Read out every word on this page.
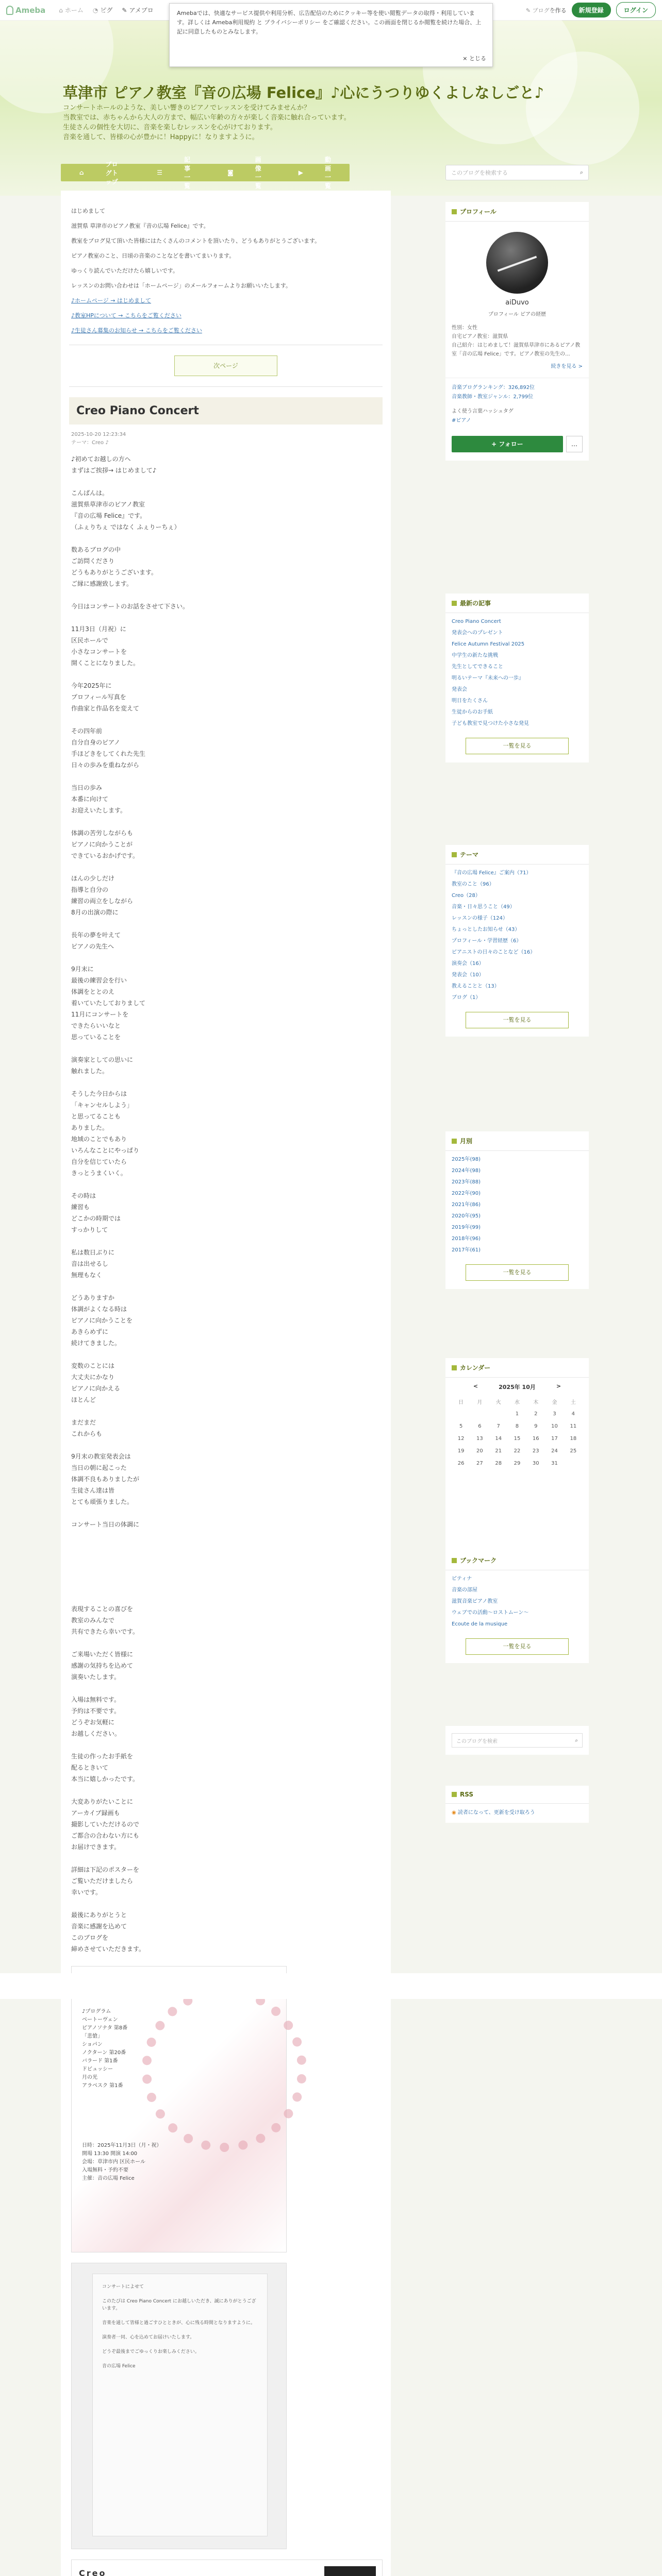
Ameba ⌂ ホーム ◔ ピグ ✎ アメブロ	✎ ブログを作る	新規登録	ログイン
Amebaでは、快適なサービス提供や利用分析、広告配信のためにクッキー等を使い閲覧データの取得・利用しています。詳しくは Ameba利用規約 と プライバシーポリシー をご確認ください。この画面を閉じるか閲覧を続けた場合、上記に同意したものとみなします。
× とじる
草津市 ピアノ教室『音の広場 Felice』♪心にうつりゆくよしなしごと♪
コンサートホールのような、美しい響きのピアノでレッスンを受けてみませんか？
当教室では、赤ちゃんから大人の方まで、幅広い年齢の方々が楽しく音楽に触れ合っています。
生徒さんの個性を大切に、音楽を楽しむレッスンを心がけております。
音楽を通して、皆様の心が豊かに！Happyに！なりますように。
⌂
ブログトップ
☰
記事一覧
◙
画像一覧
▶
動画一覧
このブログを検索する	⌕

はじめまして

滋賀県 草津市のピアノ教室『音の広場 Felice』です。

教室をブログ見て頂いた皆様にはたくさんのコメントを頂いたり、どうもありがとうございます。

ピアノ教室のこと、日頃の音楽のことなどを書いてまいります。

ゆっくり読んでいただけたら嬉しいです。

レッスンのお問い合わせは「ホームページ」のメールフォームよりお願いいたします。

♪ホームページ → はじめまして

♪教室HPについて → こちらをご覧ください

♪生徒さん募集のお知らせ → こちらをご覧ください

次ページ
Creo Piano Concert
2025-10-20 12:23:34
テーマ：Creo ♪

♪初めてお越しの方へ
まずはご挨拶→ はじめまして♪

こんばんは。
滋賀県草津市のピアノ教室
『音の広場 Felice』です。
（ふぇりちぇ ではなく ふぇりーちぇ）

数あるブログの中
ご訪問くださり
どうもありがとうございます。
ご縁に感謝致します。

今日はコンサートのお話をさせて下さい。

11月3日（月祝）に
区民ホールで
小さなコンサートを
開くことになりました。

今年2025年に
プロフィール写真を
作曲家と作品名を変えて

その四年前
自分自身のピアノ
手ほどきをしてくれた先生
日々の歩みを重ねながら

当日の歩み
本番に向けて
お迎えいたします。

体調の苦労しながらも
ピアノに向かうことが
できているおかげです。

ほんの少しだけ
指導と自分の
練習の両立をしながら
8月の出演の際に

長年の夢を叶えて
ピアノの先生へ

9月末に
最後の練習会を行い
体調をととのえ
着いていたしておりまして
11月にコンサートを
できたらいいなと
思っていることを

演奏家としての思いに
触れました。

そうした今日からは
「キャンセルしよう」
と思ってることも
ありました。
地域のことでもあり
いろんなことにやっぱり
自分を信じていたら
きっとうまくいく。

その時は
練習も
どこかの時期では
すっかりして

私は数日ぶりに
音は出せるし
無理もなく

どうありますか
体調がよくなる時は
ピアノに向かうことを
あきらめずに
続けてきました。

変数のことには
大丈夫にかなり
ピアノに向かえる
ほとんど

まだまだ
これからも

9月末の教室発表会は
当日の朝に起こった
体調不良もありましたが
生徒さん達は皆
とても頑張りました。

コンサート当日の体調に

表現することの喜びを
教室のみんなで
共有できたら幸いです。

ご来場いただく皆様に
感謝の気持ちを込めて
演奏いたします。

入場は無料です。
予約は不要です。
どうぞお気軽に
お越しください。

生徒の作ったお手紙を
配るときいて
本当に嬉しかったです。

大変ありがたいことに
アーカイブ録画も
撮影していただけるので
ご都合の合わない方にも
お届けできます。

詳細は下記のポスターを
ご覧いただけましたら
幸いです。

最後にありがとうと
音楽に感謝を込めて
このブログを
締めさせていただきます。

♪プログラム
ベートーヴェン
ピアノソナタ 第8番
「悲愴」
ショパン
ノクターン 第20番
バラード 第1番
ドビュッシー
月の光
アラベスク 第1番
日時：2025年11月3日（月・祝）
開場 13:30 開演 14:00
会場：草津市内 区民ホール
入場無料・予約不要
主催：音の広場 Felice
コンサートによせて

このたびは Creo Piano Concert にお越しいただき、誠にありがとうございます。

音楽を通して皆様と過ごすひとときが、心に残る時間となりますように。

演奏者一同、心を込めてお届けいたします。

どうぞ最後までごゆっくりお楽しみください。

音の広場 Felice
Creo
プロフィール
aiDuvo
プロフィール ピアの経歴
性別：女性
自宅ピアノ教室：滋賀県
自己紹介：はじめまして！滋賀県草津市にあるピアノ教室「音の広場 Felice」です。ピアノ教室の先生の...
続きを見る >
音楽ブログランキング：326,892位
音楽教師・教室ジャンル：2,799位
よく使う言葉ハッシュタグ
#ピアノ
+ フォロー	…
最新の記事
Creo Piano Concert
発表会へのプレゼント
Felice Autumn Festival 2025
中学生の新たな挑戦
先生としてできること
明るいテーマ『未来への一歩』
発表会
明日をたくさん
生徒からのお手紙
子ども教室で見つけた小さな発見
一覧を見る
テーマ
『音の広場 Felice』ご案内（71）
教室のこと（96）
Creo（28）
音楽・日々思うこと（49）
レッスンの様子（124）
ちょっとしたお知らせ（43）
プロフィール・学習経歴（6）
ピアニストの日々のことなど（16）
演奏会（16）
発表会（10）
教えることと（13）
ブログ（1）
一覧を見る
月別
2025年(98)
2024年(98)
2023年(88)
2022年(90)
2021年(86)
2020年(95)
2019年(99)
2018年(96)
2017年(61)
一覧を見る
カレンダー
<	2025年 10月	>
日	月	火	水	木	金	土
			1	2	3	4
5	6	7	8	9	10	11
12	13	14	15	16	17	18
19	20	21	22	23	24	25
26	27	28	29	30	31	
ブックマーク
ピティナ
音楽の部屋
滋賀音楽ピアノ教室
ウェブでの活動～ロストムーン～
Ecoute de la musique
一覧を見る
このブログを検索	⌕
RSS
◉ 読者になって、更新を受け取ろう
